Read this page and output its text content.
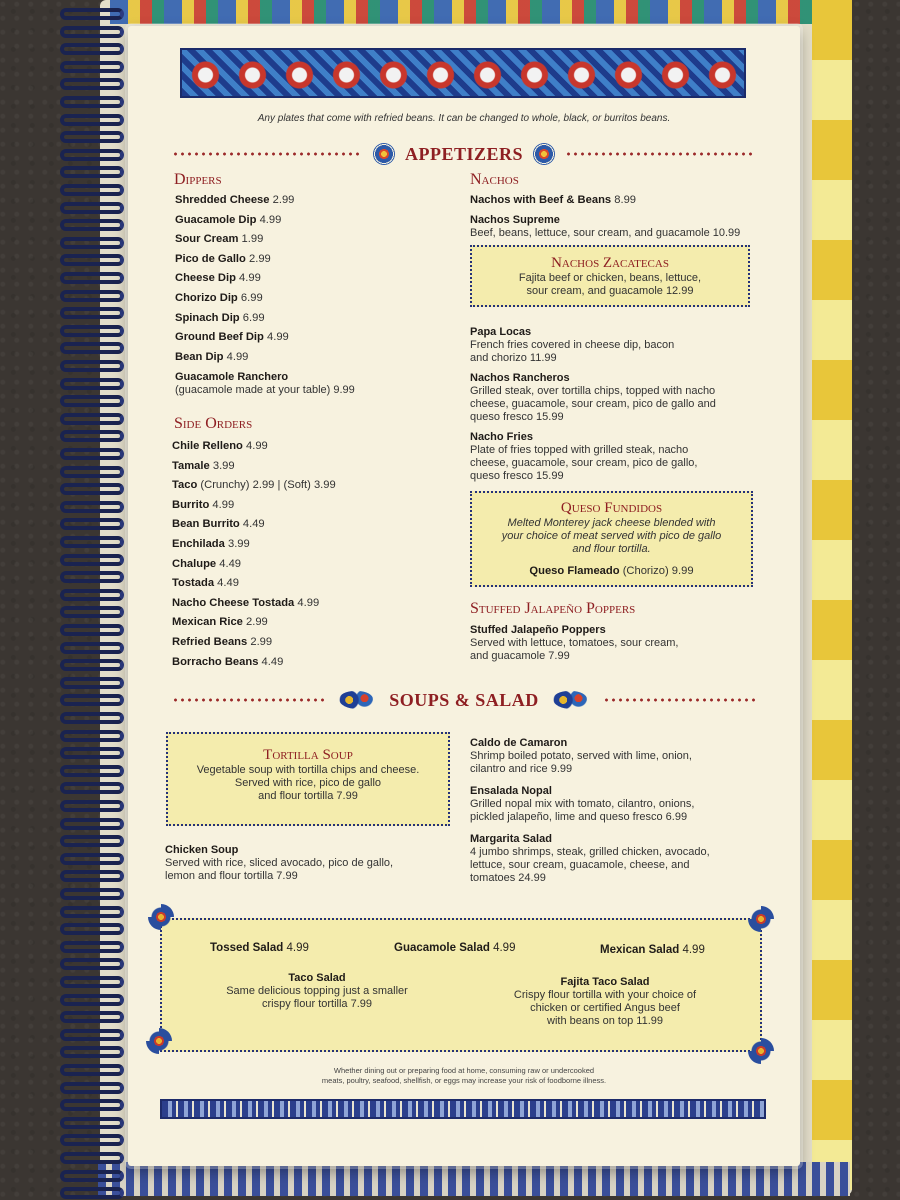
Any plates that come with refried beans. It can be changed to whole, black, or burritos beans.
APPETIZERS
Dippers
Shredded Cheese 2.99
Guacamole Dip 4.99
Sour Cream 1.99
Pico de Gallo 2.99
Cheese Dip 4.99
Chorizo Dip 6.99
Spinach Dip 6.99
Ground Beef Dip 4.99
Bean Dip 4.99
Guacamole Ranchero
(guacamole made at your table) 9.99
Side Orders
Chile Relleno 4.99
Tamale 3.99
Taco (Crunchy) 2.99 | (Soft) 3.99
Burrito 4.99
Bean Burrito 4.49
Enchilada 3.99
Chalupe 4.49
Tostada 4.49
Nacho Cheese Tostada 4.99
Mexican Rice 2.99
Refried Beans 2.99
Borracho Beans 4.49
Nachos
Nachos with Beef & Beans 8.99
Nachos Supreme
Beef, beans, lettuce, sour cream, and guacamole 10.99
Nachos Zacatecas
Fajita beef or chicken, beans, lettuce,
sour cream, and guacamole 12.99
Papa Locas
French fries covered in cheese dip, bacon
and chorizo 11.99
Nachos Rancheros
Grilled steak, over tortilla chips, topped with nacho
cheese, guacamole, sour cream, pico de gallo and
queso fresco 15.99
Nacho Fries
Plate of fries topped with grilled steak, nacho
cheese, guacamole, sour cream, pico de gallo,
queso fresco 15.99
Queso Fundidos
Melted Monterey jack cheese blended with
your choice of meat served with pico de gallo
and flour tortilla.
Queso Flameado (Chorizo) 9.99
Stuffed Jalapeño Poppers
Stuffed Jalapeño Poppers
Served with lettuce, tomatoes, sour cream,
and guacamole 7.99
SOUPS & SALAD
Tortilla Soup
Vegetable soup with tortilla chips and cheese.
Served with rice, pico de gallo
and flour tortilla 7.99
Chicken Soup
Served with rice, sliced avocado, pico de gallo,
lemon and flour tortilla 7.99
Caldo de Camaron
Shrimp boiled potato, served with lime, onion,
cilantro and rice 9.99
Ensalada Nopal
Grilled nopal mix with tomato, cilantro, onions,
pickled jalapeño, lime and queso fresco 6.99
Margarita Salad
4 jumbo shrimps, steak, grilled chicken, avocado,
lettuce, sour cream, guacamole, cheese, and
tomatoes 24.99
Tossed Salad 4.99	Guacamole Salad 4.99	Mexican Salad 4.99
Taco Salad
Same delicious topping just a smaller
crispy flour tortilla 7.99
Fajita Taco Salad
Crispy flour tortilla with your choice of
chicken or certified Angus beef
with beans on top 11.99
Whether dining out or preparing food at home, consuming raw or undercooked
meats, poultry, seafood, shellfish, or eggs may increase your risk of foodborne illness.
